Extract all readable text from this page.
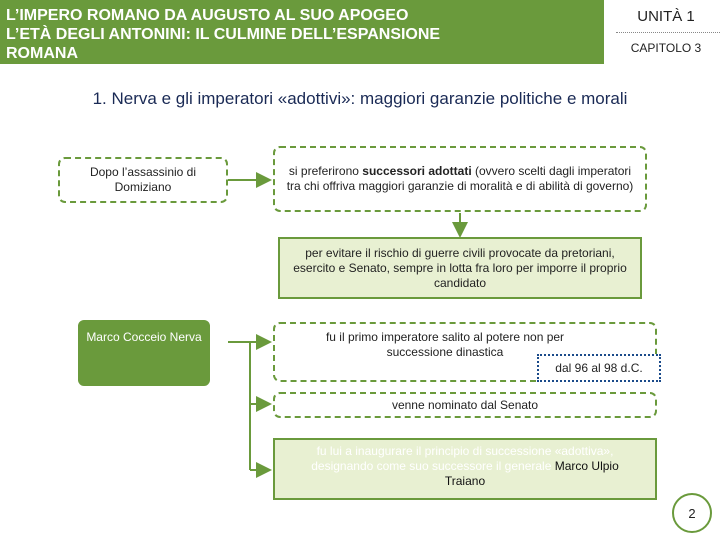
L’IMPERO ROMANO DA AUGUSTO AL SUO APOGEO
L’ETÀ DEGLI ANTONINI: IL CULMINE DELL’ESPANSIONE
ROMANA
UNITÀ 1
CAPITOLO 3
1. Nerva e gli imperatori «adottivi»: maggiori garanzie politiche e morali
Dopo l’assassinio di Domiziano
si preferirono successori adottati (ovvero scelti dagli imperatori tra chi offriva maggiori garanzie di moralità e di abilità di governo)
per evitare il rischio di guerre civili provocate da pretoriani, esercito e Senato, sempre in lotta fra loro per imporre il proprio candidato
Marco Cocceio Nerva	fu il primo imperatore salito al potere non per successione dinastica
dal 96 al 98 d.C.
venne nominato dal Senato
fu lui a inaugurare il principio di successione «adottiva», designando come suo successore il generale Marco Ulpio Traiano
2
